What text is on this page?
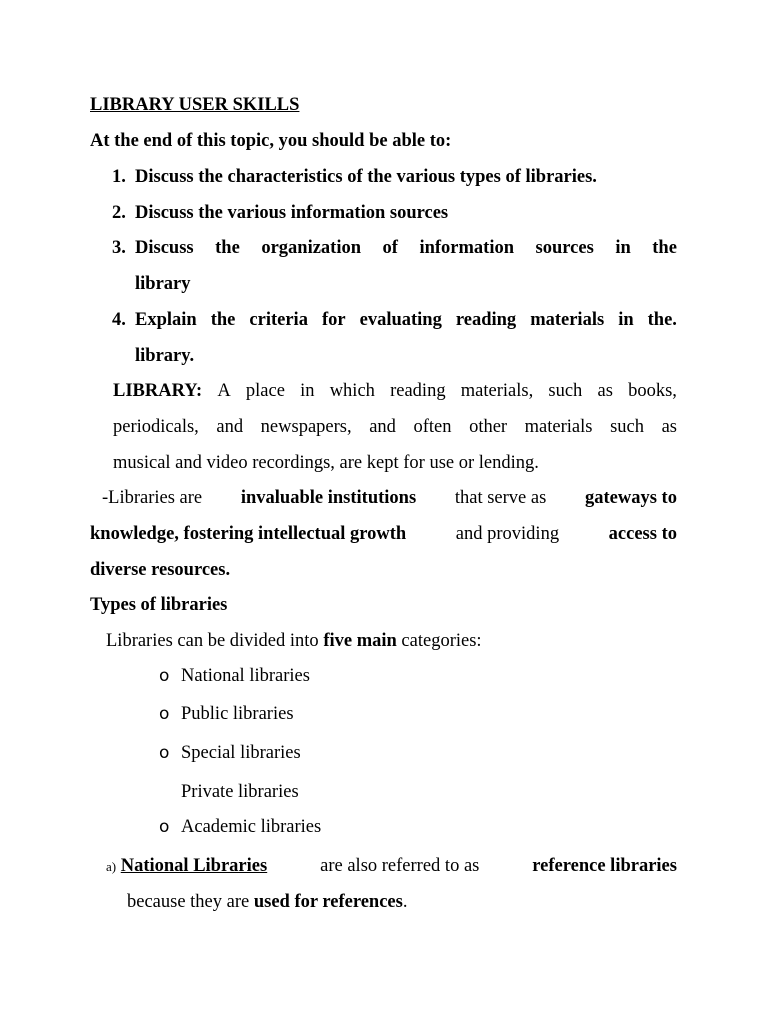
LIBRARY USER SKILLS
At the end of this topic, you should be able to:
1. Discuss the characteristics of the various types of libraries.
2. Discuss the various information sources
3. Discuss the organization of information sources in the
library
4. Explain the criteria for evaluating reading materials in the.
library.
LIBRARY: A place in which reading materials, such as books,
periodicals, and newspapers, and often other materials such as
musical and video recordings, are kept for use or lending.
-Libraries are invaluable institutions that serve as gateways to
knowledge, fostering intellectual growth	and providing	access to
diverse resources.
Types of libraries
Libraries can be divided into five main categories:
o National libraries
o Public libraries
o Special libraries
Private libraries
o Academic libraries
a) National Libraries	are also referred to as	reference libraries
because they are used for references.
